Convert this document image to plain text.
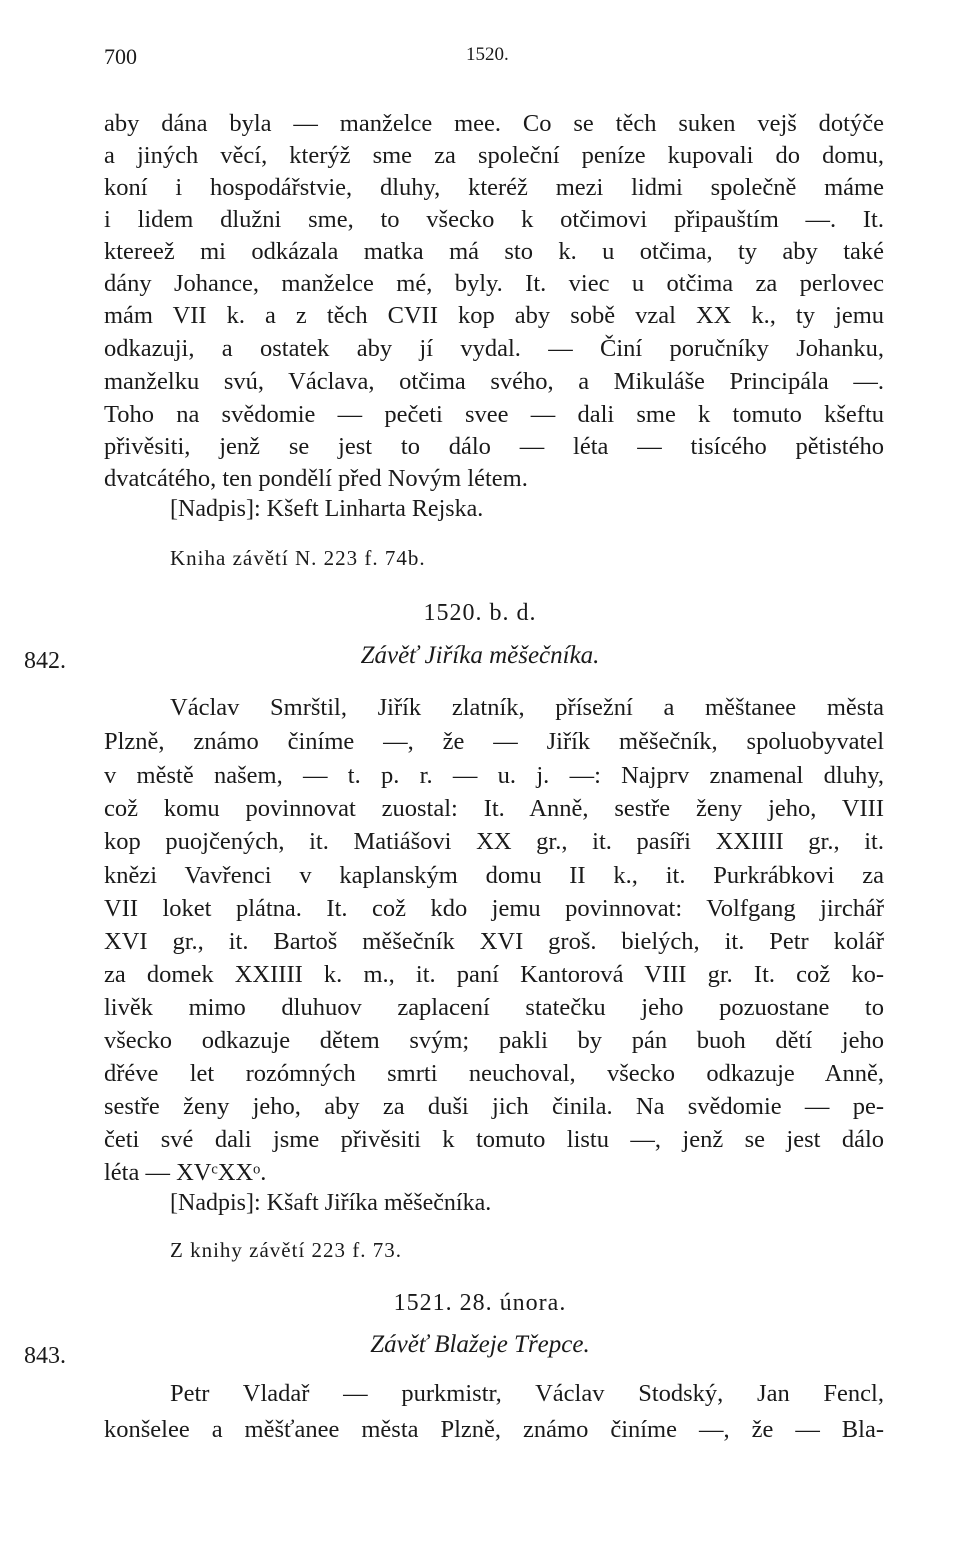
700	1520.
aby dána byla — manželce mee. Co se těch suken vejš dotýče
a jiných věcí, kterýž sme za společní peníze kupovali do domu,
koní i hospodářstvie, dluhy, kteréž mezi lidmi společně máme
i lidem dlužni sme, to všecko k otčimovi připauštím —. It.
ktereež mi odkázala matka má sto k. u otčima, ty aby také
dány Johance, manželce mé, byly. It. viec u otčima za perlovec
mám VII k. a z těch CVII kop aby sobě vzal XX k., ty jemu
odkazuji, a ostatek aby jí vydal. — Činí poručníky Johanku,
manželku svú, Václava, otčima svého, a Mikuláše Principála —.
Toho na svědomie — pečeti svee — dali sme k tomuto kšeftu
přivěsiti, jenž se jest to dálo — léta — tisícého pětistého
dvatcátého, ten pondělí před Novým létem.
[Nadpis]: Kšeft Linharta Rejska.
Kniha závětí N. 223 f. 74b.
1520. b. d.
842.	Závěť Jiříka měšečníka.
Václav Smrštil, Jiřík zlatník, přísežní a měštanee města
Plzně, známo činíme —, že — Jiřík měšečník, spoluobyvatel
v městě našem, — t. p. r. — u. j. —: Najprv znamenal dluhy,
což komu povinnovat zuostal: It. Anně, sestře ženy jeho, VIII
kop puojčených, it. Matiášovi XX gr., it. pasíři XXIIII gr., it.
knězi Vavřenci v kaplanským domu II k., it. Purkrábkovi za
VII loket plátna. It. což kdo jemu povinnovat: Volfgang jirchář
XVI gr., it. Bartoš měšečník XVI groš. bielých, it. Petr kolář
za domek XXIIII k. m., it. paní Kantorová VIII gr. It. což ko-
livěk mimo dluhuov zaplacení statečku jeho pozuostane to
všecko odkazuje dětem svým; pakli by pán buoh dětí jeho
dřéve let rozómných smrti neuchoval, všecko odkazuje Anně,
sestře ženy jeho, aby za duši jich činila. Na svědomie — pe-
četi své dali jsme přivěsiti k tomuto listu —, jenž se jest dálo
léta — XVᶜXXᵒ.
[Nadpis]: Kšaft Jiříka měšečníka.
Z knihy závětí 223 f. 73.
1521. 28. února.
843.	Závěť Blažeje Třepce.
Petr Vladař — purkmistr, Václav Stodský, Jan Fencl,
konšelee a měšťanee města Plzně, známo činíme —, že — Bla-
